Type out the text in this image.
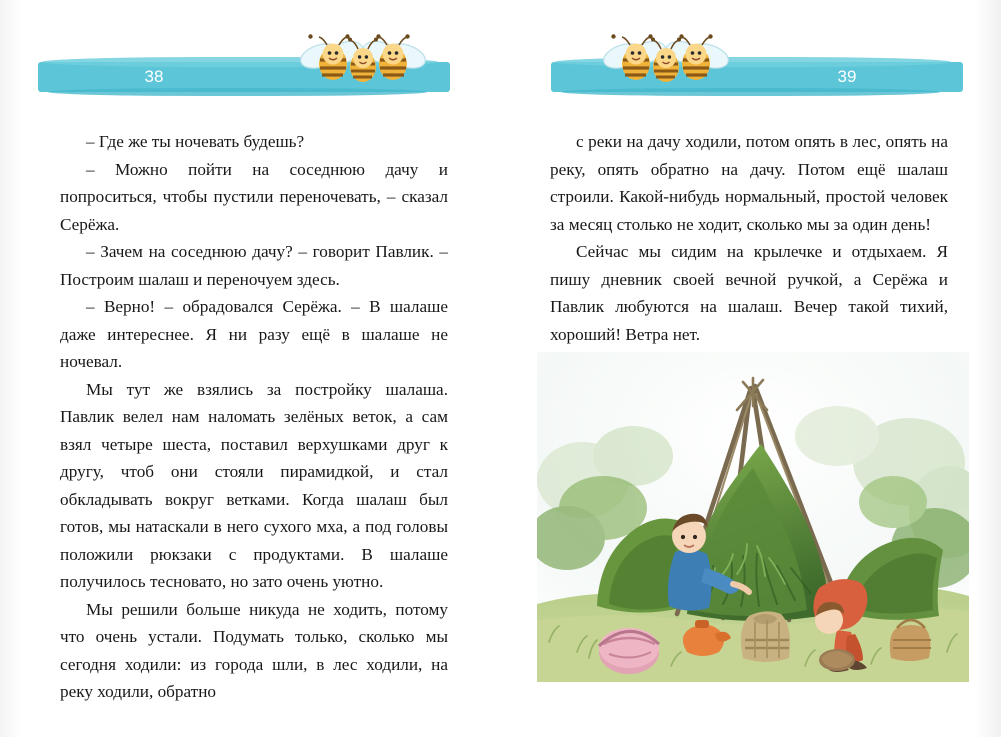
38

– Где же ты ночевать будешь?

– Можно пойти на соседнюю дачу и попроситься, чтобы пустили переночевать, – сказал Серёжа.

– Зачем на соседнюю дачу? – говорит Павлик. – Построим шалаш и переночуем здесь.

– Верно! – обрадовался Серёжа. – В шалаше даже интереснее. Я ни разу ещё в шалаше не ночевал.

Мы тут же взялись за постройку шалаша. Павлик велел нам наломать зелёных веток, а сам взял четыре шеста, поставил верхушками друг к другу, чтоб они стояли пирамидкой, и стал обкладывать вокруг ветками. Когда шалаш был готов, мы натаскали в него сухого мха, а под головы положили рюкзаки с продуктами. В шалаше получилось тесновато, но зато очень уютно.

Мы решили больше никуда не ходить, потому что очень устали. Подумать только, сколько мы сегодня ходили: из города шли, в лес ходили, на реку ходили, обратно

39

с реки на дачу ходили, потом опять в лес, опять на реку, опять обратно на дачу. Потом ещё шалаш строили. Какой-нибудь нормальный, простой человек за месяц столько не ходит, сколько мы за один день!

Сейчас мы сидим на крылечке и отдыхаем. Я пишу дневник своей вечной ручкой, а Серёжа и Павлик любуются на шалаш. Вечер такой тихий, хороший! Ветра нет.
